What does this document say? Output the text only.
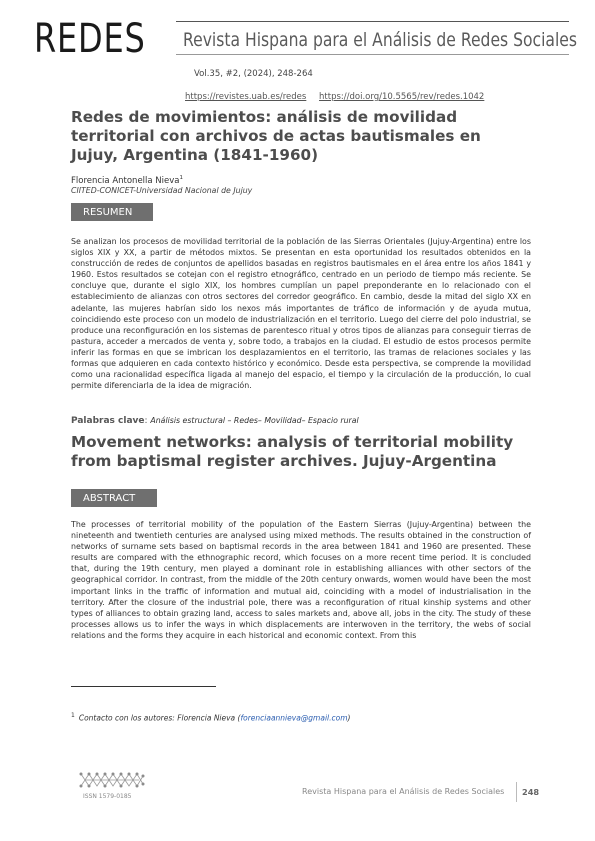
REDES Revista Hispana para el Análisis de Redes Sociales
Vol.35, #2, (2024), 248-264
https://revistes.uab.es/redes https://doi.org/10.5565/rev/redes.1042
Redes de movimientos: análisis de movilidad territorial con archivos de actas bautismales en Jujuy, Argentina (1841-1960)
Florencia Antonella Nieva$^1$
CIITED-CONICET-Universidad Nacional de Jujuy
RESUMEN
Se analizan los procesos de movilidad territorial de la población de las Sierras Orientales (Jujuy-Argentina) entre los siglos XIX y XX, a partir de métodos mixtos. Se presentan en esta oportunidad los resultados obtenidos en la construcción de redes de conjuntos de apellidos basadas en registros bautismales en el área entre los años 1841 y 1960. Estos resultados se cotejan con el registro etnográfico, centrado en un periodo de tiempo más reciente. Se concluye que, durante el siglo XIX, los hombres cumplían un papel preponderante en lo relacionado con el establecimiento de alianzas con otros sectores del corredor geográfico. En cambio, desde la mitad del siglo XX en adelante, las mujeres habrían sido los nexos más importantes de tráfico de información y de ayuda mutua, coincidiendo este proceso con un modelo de industrialización en el territorio. Luego del cierre del polo industrial, se produce una reconfiguración en los sistemas de parentesco ritual y otros tipos de alianzas para conseguir tierras de pastura, acceder a mercados de venta y, sobre todo, a trabajos en la ciudad. El estudio de estos procesos permite inferir las formas en que se imbrican los desplazamientos en el territorio, las tramas de relaciones sociales y las formas que adquieren en cada contexto histórico y económico. Desde esta perspectiva, se comprende la movilidad como una racionalidad específica ligada al manejo del espacio, el tiempo y la circulación de la producción, lo cual permite diferenciarla de la idea de migración.
Palabras clave: Análisis estructural – Redes– Movilidad– Espacio rural
Movement networks: analysis of territorial mobility from baptismal register archives. Jujuy-Argentina
ABSTRACT
The processes of territorial mobility of the population of the Eastern Sierras (Jujuy-Argentina) between the nineteenth and twentieth centuries are analysed using mixed methods. The results obtained in the construction of networks of surname sets based on baptismal records in the area between 1841 and 1960 are presented. These results are compared with the ethnographic record, which focuses on a more recent time period. It is concluded that, during the 19th century, men played a dominant role in establishing alliances with other sectors of the geographical corridor. In contrast, from the middle of the 20th century onwards, women would have been the most important links in the traffic of information and mutual aid, coinciding with a model of industrialisation in the territory. After the closure of the industrial pole, there was a reconfiguration of ritual kinship systems and other types of alliances to obtain grazing land, access to sales markets and, above all, jobs in the city. The study of these processes allows us to infer the ways in which displacements are interwoven in the territory, the webs of social relations and the forms they acquire in each historical and economic context. From this
$^1$ Contacto con los autores: Florencia Nieva (forenciaannieva@gmail.com)
ISSN 1579-0185
Revista Hispana para el Análisis de Redes Sociales 248
